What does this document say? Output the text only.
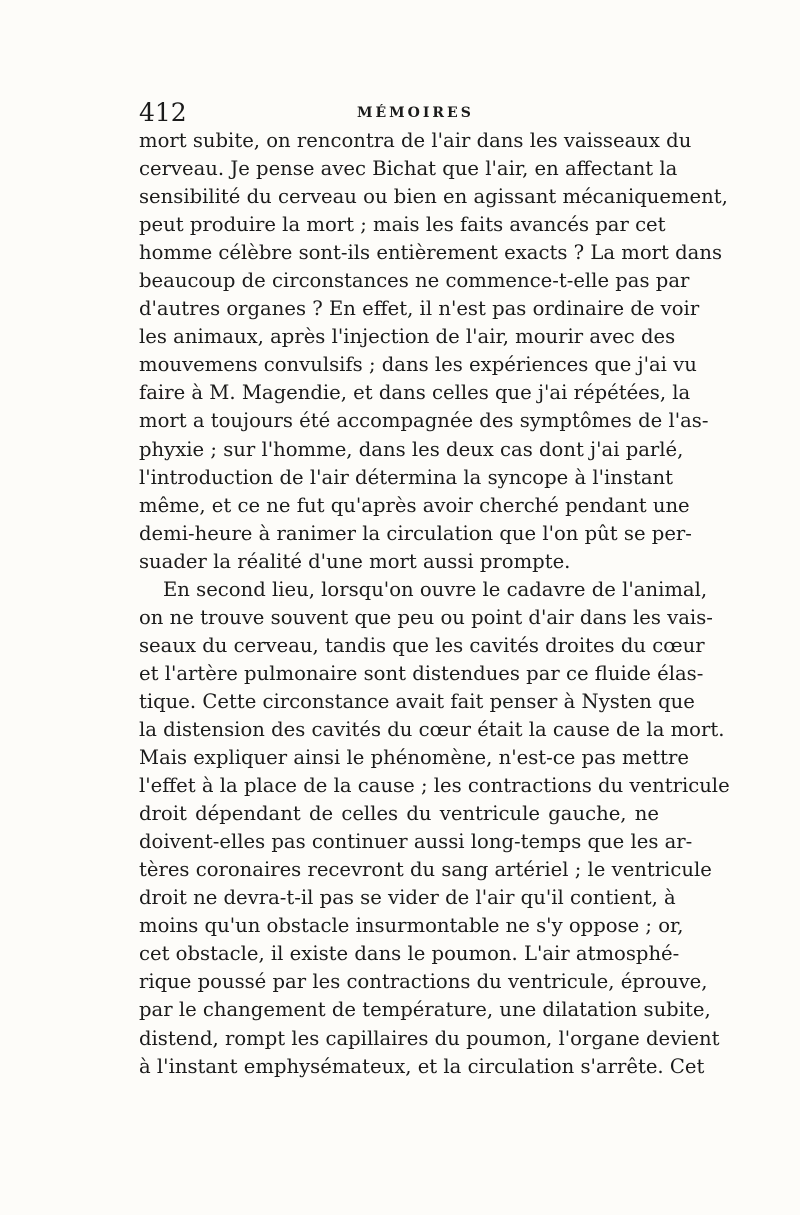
412	MÉMOIRES
mort subite, on rencontra de l'air dans les vaisseaux du
cerveau. Je pense avec Bichat que l'air, en affectant la
sensibilité du cerveau ou bien en agissant mécaniquement,
peut produire la mort ; mais les faits avancés par cet
homme célèbre sont-ils entièrement exacts ? La mort dans
beaucoup de circonstances ne commence-t-elle pas par
d'autres organes ? En effet, il n'est pas ordinaire de voir
les animaux, après l'injection de l'air, mourir avec des
mouvemens convulsifs ; dans les expériences que j'ai vu
faire à M. Magendie, et dans celles que j'ai répétées, la
mort a toujours été accompagnée des symptômes de l'as-
phyxie ; sur l'homme, dans les deux cas dont j'ai parlé,
l'introduction de l'air détermina la syncope à l'instant
même, et ce ne fut qu'après avoir cherché pendant une
demi-heure à ranimer la circulation que l'on pût se per-
suader la réalité d'une mort aussi prompte.
En second lieu, lorsqu'on ouvre le cadavre de l'animal,
on ne trouve souvent que peu ou point d'air dans les vais-
seaux du cerveau, tandis que les cavités droites du cœur
et l'artère pulmonaire sont distendues par ce fluide élas-
tique. Cette circonstance avait fait penser à Nysten que
la distension des cavités du cœur était la cause de la mort.
Mais expliquer ainsi le phénomène, n'est-ce pas mettre
l'effet à la place de la cause ; les contractions du ventricule
droit dépendant de celles du ventricule gauche, ne
doivent-elles pas continuer aussi long-temps que les ar-
tères coronaires recevront du sang artériel ; le ventricule
droit ne devra-t-il pas se vider de l'air qu'il contient, à
moins qu'un obstacle insurmontable ne s'y oppose ; or,
cet obstacle, il existe dans le poumon. L'air atmosphé-
rique poussé par les contractions du ventricule, éprouve,
par le changement de température, une dilatation subite,
distend, rompt les capillaires du poumon, l'organe devient
à l'instant emphysémateux, et la circulation s'arrête. Cet
